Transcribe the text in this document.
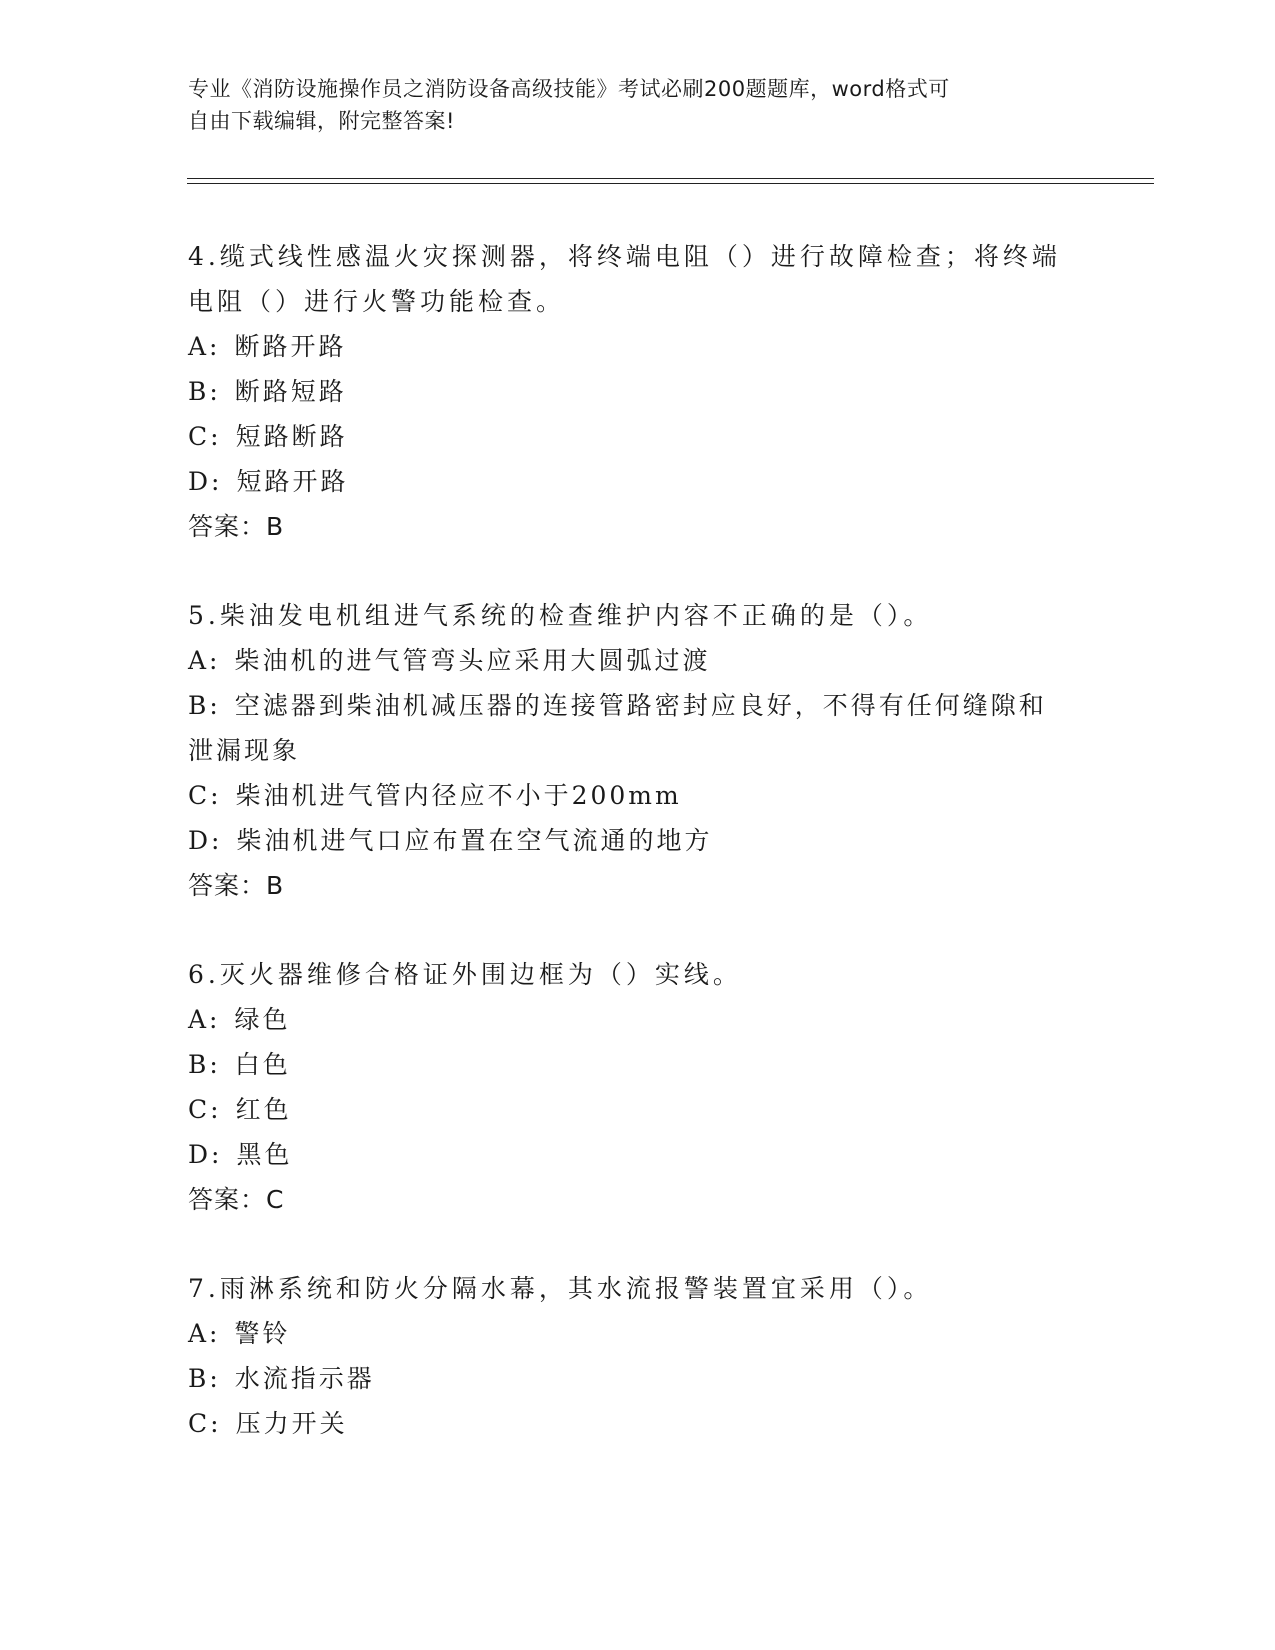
专业《消防设施操作员之消防设备高级技能》考试必刷200题题库，word格式可
自由下载编辑，附完整答案!
4.缆式线性感温火灾探测器，将终端电阻（）进行故障检查；将终端
电阻（）进行火警功能检查。
A: 断路开路
B: 断路短路
C: 短路断路
D: 短路开路
答案：B
5.柴油发电机组进气系统的检查维护内容不正确的是（）。
A: 柴油机的进气管弯头应采用大圆弧过渡
B: 空滤器到柴油机减压器的连接管路密封应良好，不得有任何缝隙和
泄漏现象
C: 柴油机进气管内径应不小于200mm
D: 柴油机进气口应布置在空气流通的地方
答案：B
6.灭火器维修合格证外围边框为（）实线。
A: 绿色
B: 白色
C: 红色
D: 黑色
答案：C
7.雨淋系统和防火分隔水幕，其水流报警装置宜采用（）。
A: 警铃
B: 水流指示器
C: 压力开关
